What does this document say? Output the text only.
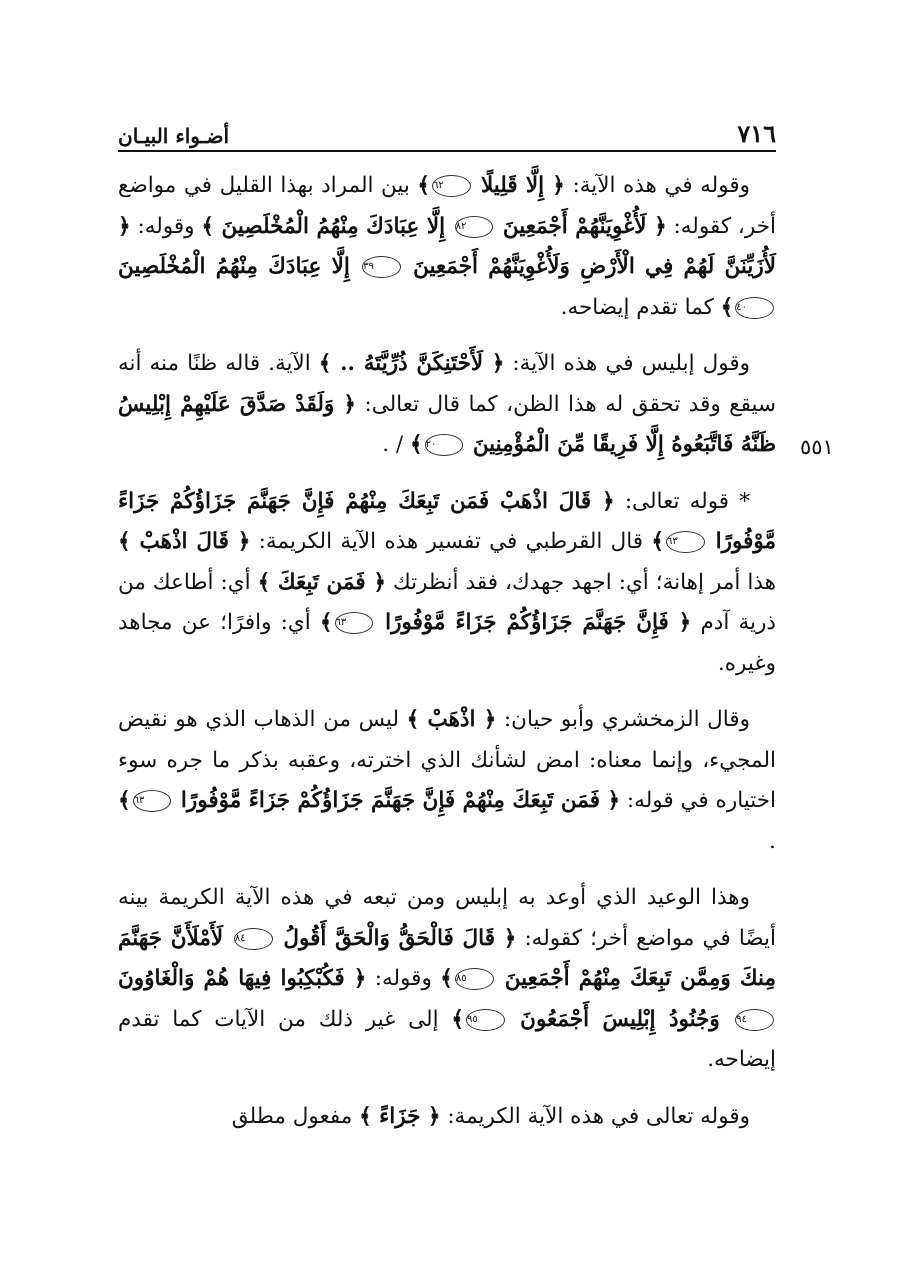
٧١٦
أضـواء البيـان
٥٥١

وقوله في هذه الآية: ﴿ إِلَّا قَلِيلًا ٦٢﴾ بين المراد بهذا القليل في مواضع أخر، كقوله: ﴿ لَأُغْوِيَنَّهُمْ أَجْمَعِينَ ٨٢ إِلَّا عِبَادَكَ مِنْهُمُ الْمُخْلَصِينَ ﴾ وقوله: ﴿ لَأُزَيِّنَنَّ لَهُمْ فِي الْأَرْضِ وَلَأُغْوِيَنَّهُمْ أَجْمَعِينَ ٣٩ إِلَّا عِبَادَكَ مِنْهُمُ الْمُخْلَصِينَ ٤٠﴾ كما تقدم إيضاحه.

وقول إبليس في هذه الآية: ﴿ لَأَحْتَنِكَنَّ ذُرِّيَّتَهُ .. ﴾ الآية. قاله ظنًا منه أنه سيقع وقد تحقق له هذا الظن، كما قال تعالى: ﴿ وَلَقَدْ صَدَّقَ عَلَيْهِمْ إِبْلِيسُ ظَنَّهُ فَاتَّبَعُوهُ إِلَّا فَرِيقًا مِّنَ الْمُؤْمِنِينَ ٢٠﴾ / .

* قوله تعالى: ﴿ قَالَ اذْهَبْ فَمَن تَبِعَكَ مِنْهُمْ فَإِنَّ جَهَنَّمَ جَزَاؤُكُمْ جَزَاءً مَّوْفُورًا ٦٣﴾ قال القرطبي في تفسير هذه الآية الكريمة: ﴿ قَالَ اذْهَبْ ﴾ هذا أمر إهانة؛ أي: اجهد جهدك، فقد أنظرتك ﴿ فَمَن تَبِعَكَ ﴾ أي: أطاعك من ذرية آدم ﴿ فَإِنَّ جَهَنَّمَ جَزَاؤُكُمْ جَزَاءً مَّوْفُورًا ٦٣﴾ أي: وافرًا؛ عن مجاهد وغيره.

وقال الزمخشري وأبو حيان: ﴿ اذْهَبْ ﴾ ليس من الذهاب الذي هو نقيض المجيء، وإنما معناه: امض لشأنك الذي اخترته، وعقبه بذكر ما جره سوء اختياره في قوله: ﴿ فَمَن تَبِعَكَ مِنْهُمْ فَإِنَّ جَهَنَّمَ جَزَاؤُكُمْ جَزَاءً مَّوْفُورًا ٦٣﴾ .

وهذا الوعيد الذي أوعد به إبليس ومن تبعه في هذه الآية الكريمة بينه أيضًا في مواضع أخر؛ كقوله: ﴿ قَالَ فَالْحَقُّ وَالْحَقَّ أَقُولُ ٨٤ لَأَمْلَأَنَّ جَهَنَّمَ مِنكَ وَمِمَّن تَبِعَكَ مِنْهُمْ أَجْمَعِينَ ٨٥﴾ وقوله: ﴿ فَكُبْكِبُوا فِيهَا هُمْ وَالْغَاوُونَ ٩٤ وَجُنُودُ إِبْلِيسَ أَجْمَعُونَ ٩٥﴾ إلى غير ذلك من الآيات كما تقدم إيضاحه.

وقوله تعالى في هذه الآية الكريمة: ﴿ جَزَاءً ﴾ مفعول مطلق
